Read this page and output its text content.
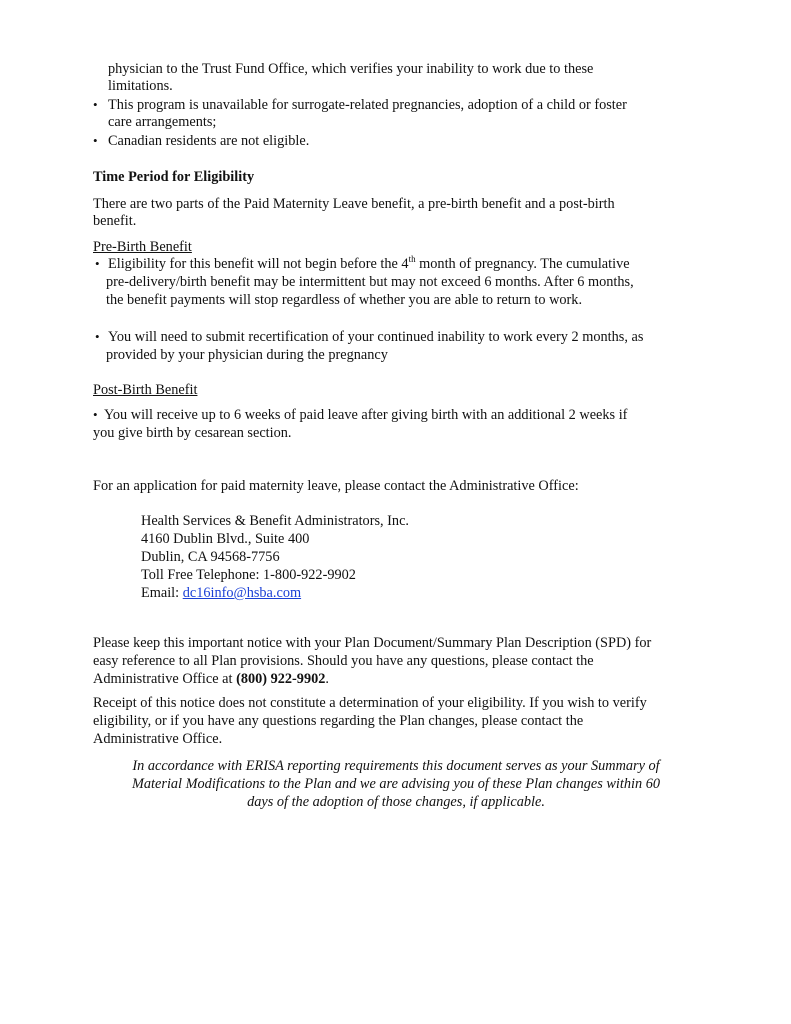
physician to the Trust Fund Office, which verifies your inability to work due to these

limitations.

• This program is unavailable for surrogate-related pregnancies, adoption of a child or foster

care arrangements;

• Canadian residents are not eligible.

Time Period for Eligibility

There are two parts of the Paid Maternity Leave benefit, a pre-birth benefit and a post-birth

benefit.

Pre-Birth Benefit

• Eligibility for this benefit will not begin before the 4th month of pregnancy. The cumulative

pre-delivery/birth benefit may be intermittent but may not exceed 6 months. After 6 months,

the benefit payments will stop regardless of whether you are able to return to work.

• You will need to submit recertification of your continued inability to work every 2 months, as

provided by your physician during the pregnancy

Post-Birth Benefit

• You will receive up to 6 weeks of paid leave after giving birth with an additional 2 weeks if

you give birth by cesarean section.

For an application for paid maternity leave, please contact the Administrative Office:

Health Services & Benefit Administrators, Inc.

4160 Dublin Blvd., Suite 400

Dublin, CA 94568-7756

Toll Free Telephone: 1-800-922-9902

Email: dc16info@hsba.com

Please keep this important notice with your Plan Document/Summary Plan Description (SPD) for
easy reference to all Plan provisions. Should you have any questions, please contact the
Administrative Office at (800) 922-9902.
Receipt of this notice does not constitute a determination of your eligibility. If you wish to verify
eligibility, or if you have any questions regarding the Plan changes, please contact the
Administrative Office.
In accordance with ERISA reporting requirements this document serves as your Summary of
Material Modifications to the Plan and we are advising you of these Plan changes within 60
days of the adoption of those changes, if applicable.
